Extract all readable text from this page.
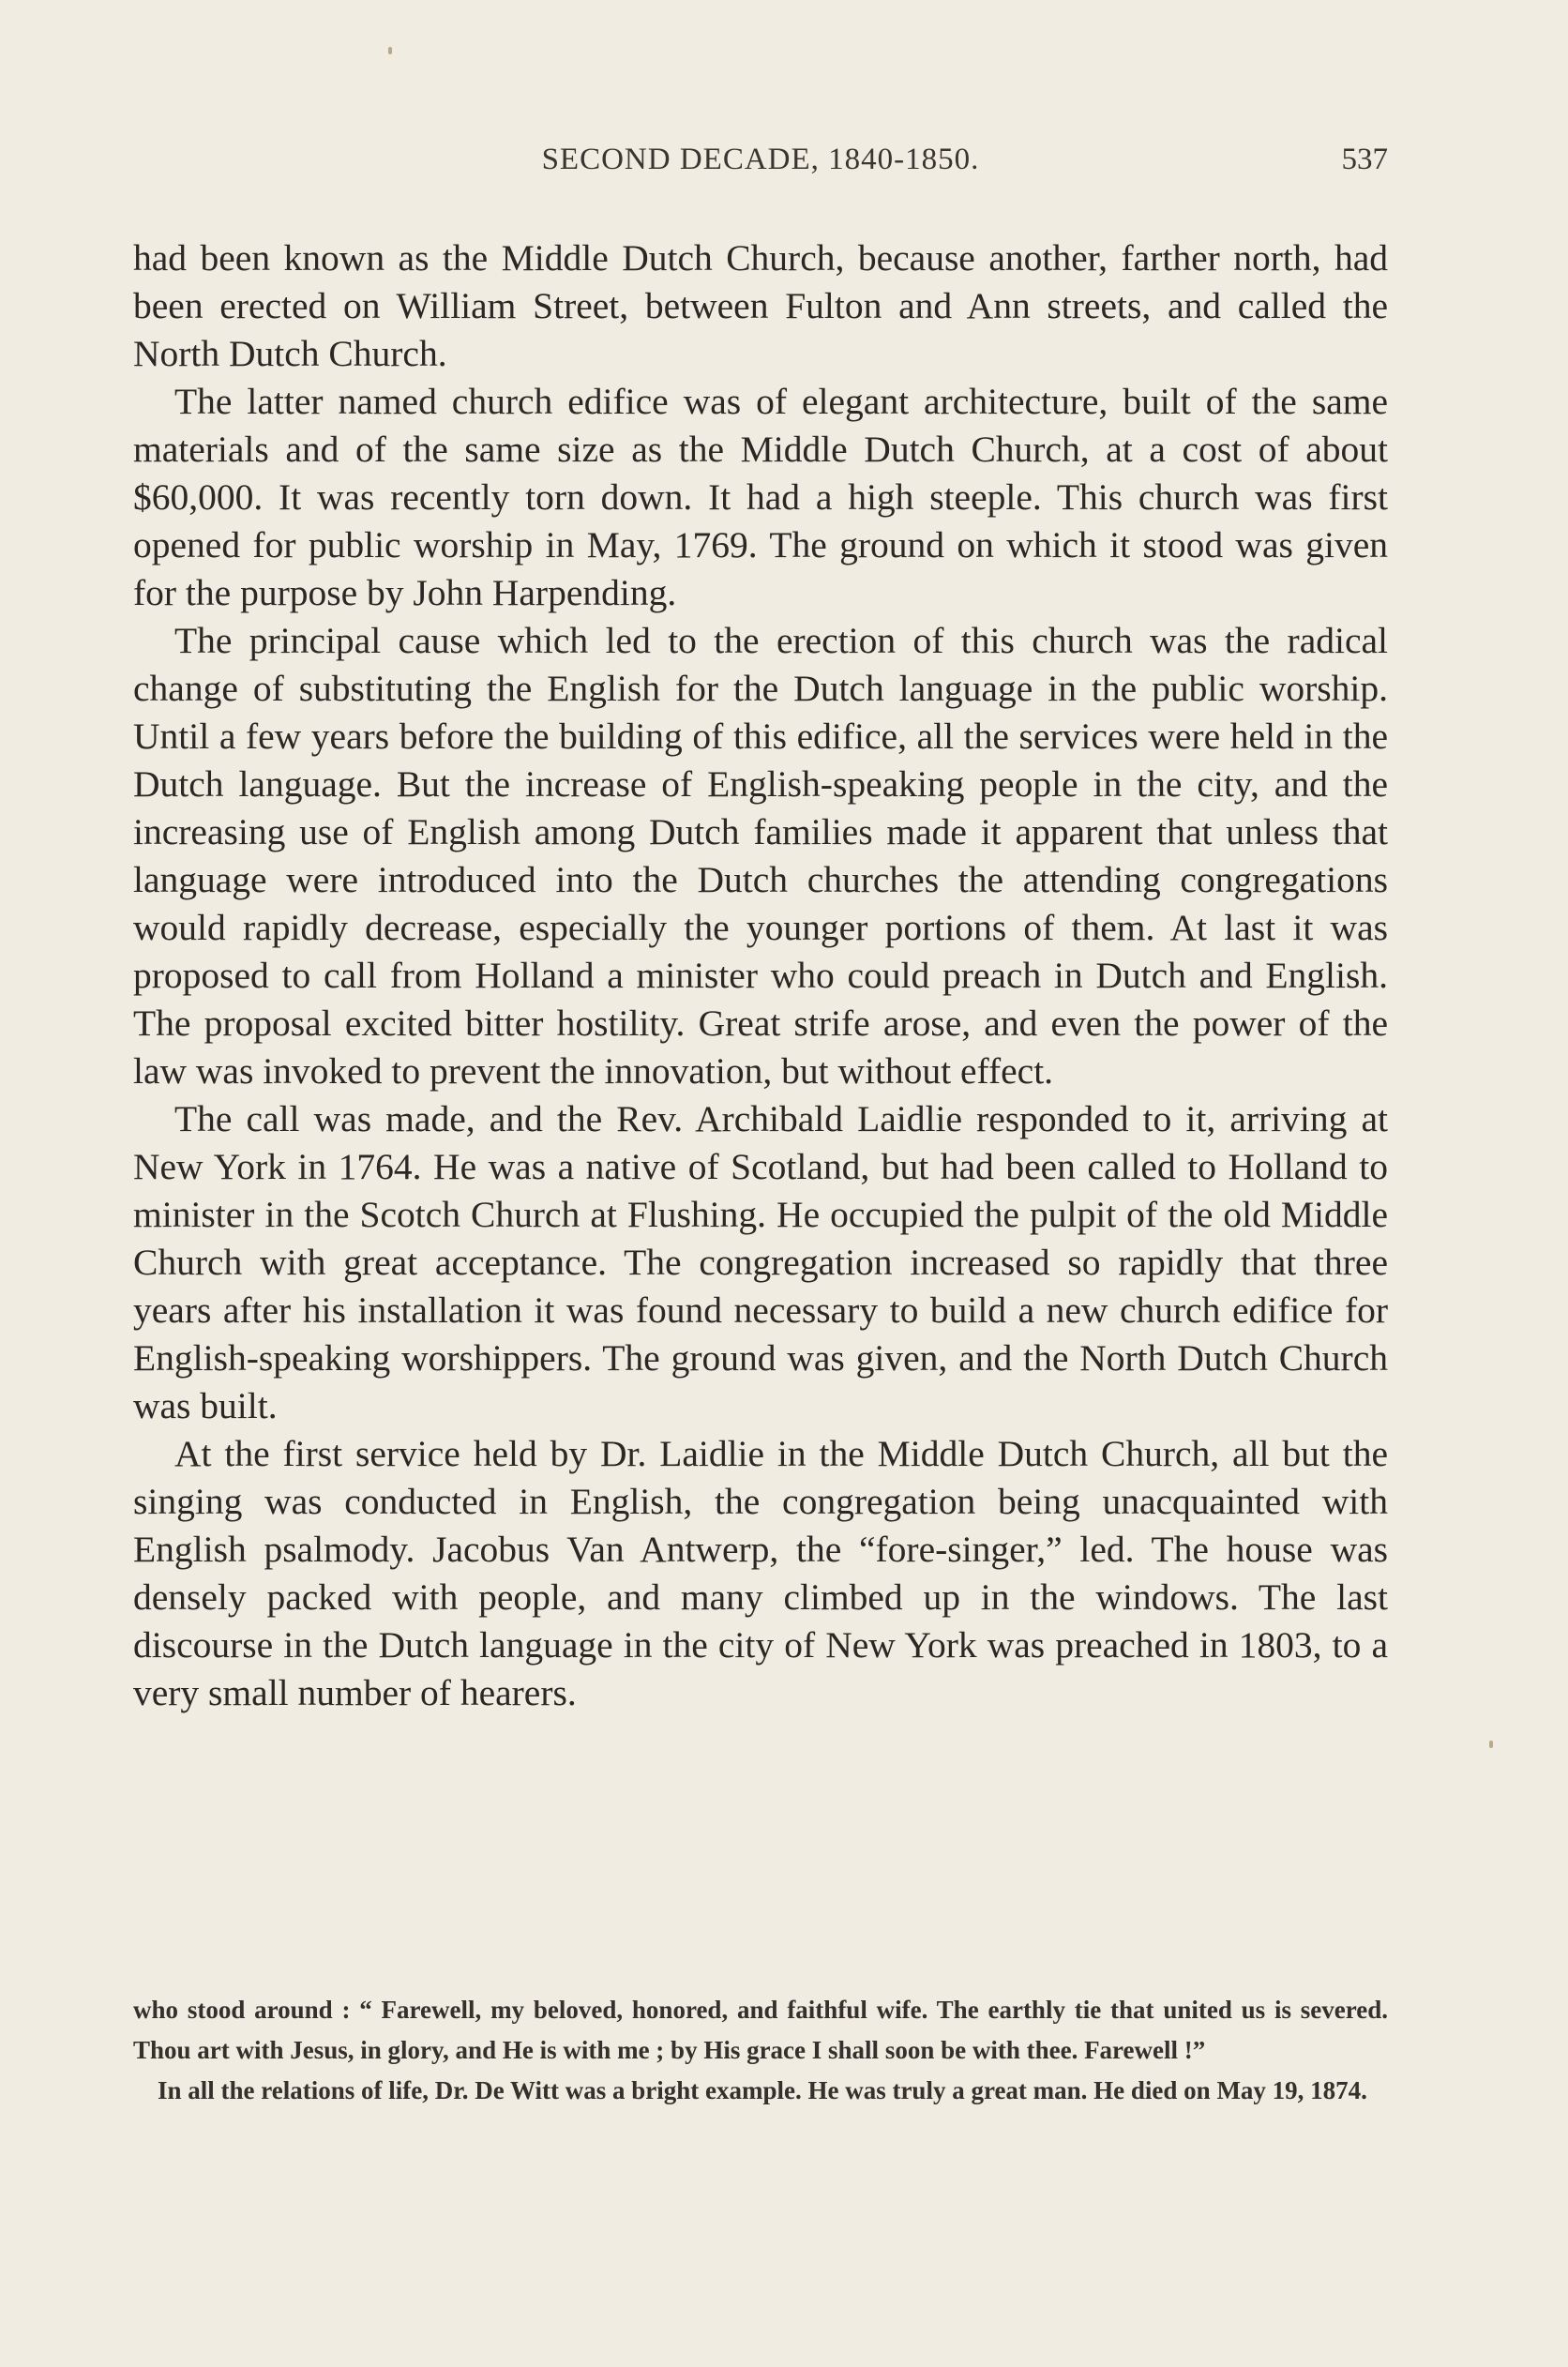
SECOND DECADE, 1840-1850.	537

had been known as the Middle Dutch Church, because another, farther north, had been erected on William Street, between Fulton and Ann streets, and called the North Dutch Church.

The latter named church edifice was of elegant architecture, built of the same materials and of the same size as the Middle Dutch Church, at a cost of about $60,000. It was recently torn down. It had a high steeple. This church was first opened for public worship in May, 1769. The ground on which it stood was given for the purpose by John Harpending.

The principal cause which led to the erection of this church was the radical change of substituting the English for the Dutch language in the public worship. Until a few years before the building of this edifice, all the services were held in the Dutch language. But the increase of English-speaking people in the city, and the increasing use of English among Dutch families made it apparent that unless that language were introduced into the Dutch churches the attending congregations would rapidly decrease, especially the younger portions of them. At last it was proposed to call from Holland a minister who could preach in Dutch and English. The proposal excited bitter hostility. Great strife arose, and even the power of the law was invoked to prevent the innovation, but without effect.

The call was made, and the Rev. Archibald Laidlie responded to it, arriving at New York in 1764. He was a native of Scotland, but had been called to Holland to minister in the Scotch Church at Flushing. He occupied the pulpit of the old Middle Church with great acceptance. The congregation increased so rapidly that three years after his installation it was found necessary to build a new church edifice for English-speaking worshippers. The ground was given, and the North Dutch Church was built.

At the first service held by Dr. Laidlie in the Middle Dutch Church, all but the singing was conducted in English, the congregation being unacquainted with English psalmody. Jacobus Van Antwerp, the “fore-singer,” led. The house was densely packed with people, and many climbed up in the windows. The last discourse in the Dutch language in the city of New York was preached in 1803, to a very small number of hearers.

who stood around : “ Farewell, my beloved, honored, and faithful wife. The earthly tie that united us is severed. Thou art with Jesus, in glory, and He is with me ; by His grace I shall soon be with thee. Farewell !”

In all the relations of life, Dr. De Witt was a bright example. He was truly a great man. He died on May 19, 1874.
